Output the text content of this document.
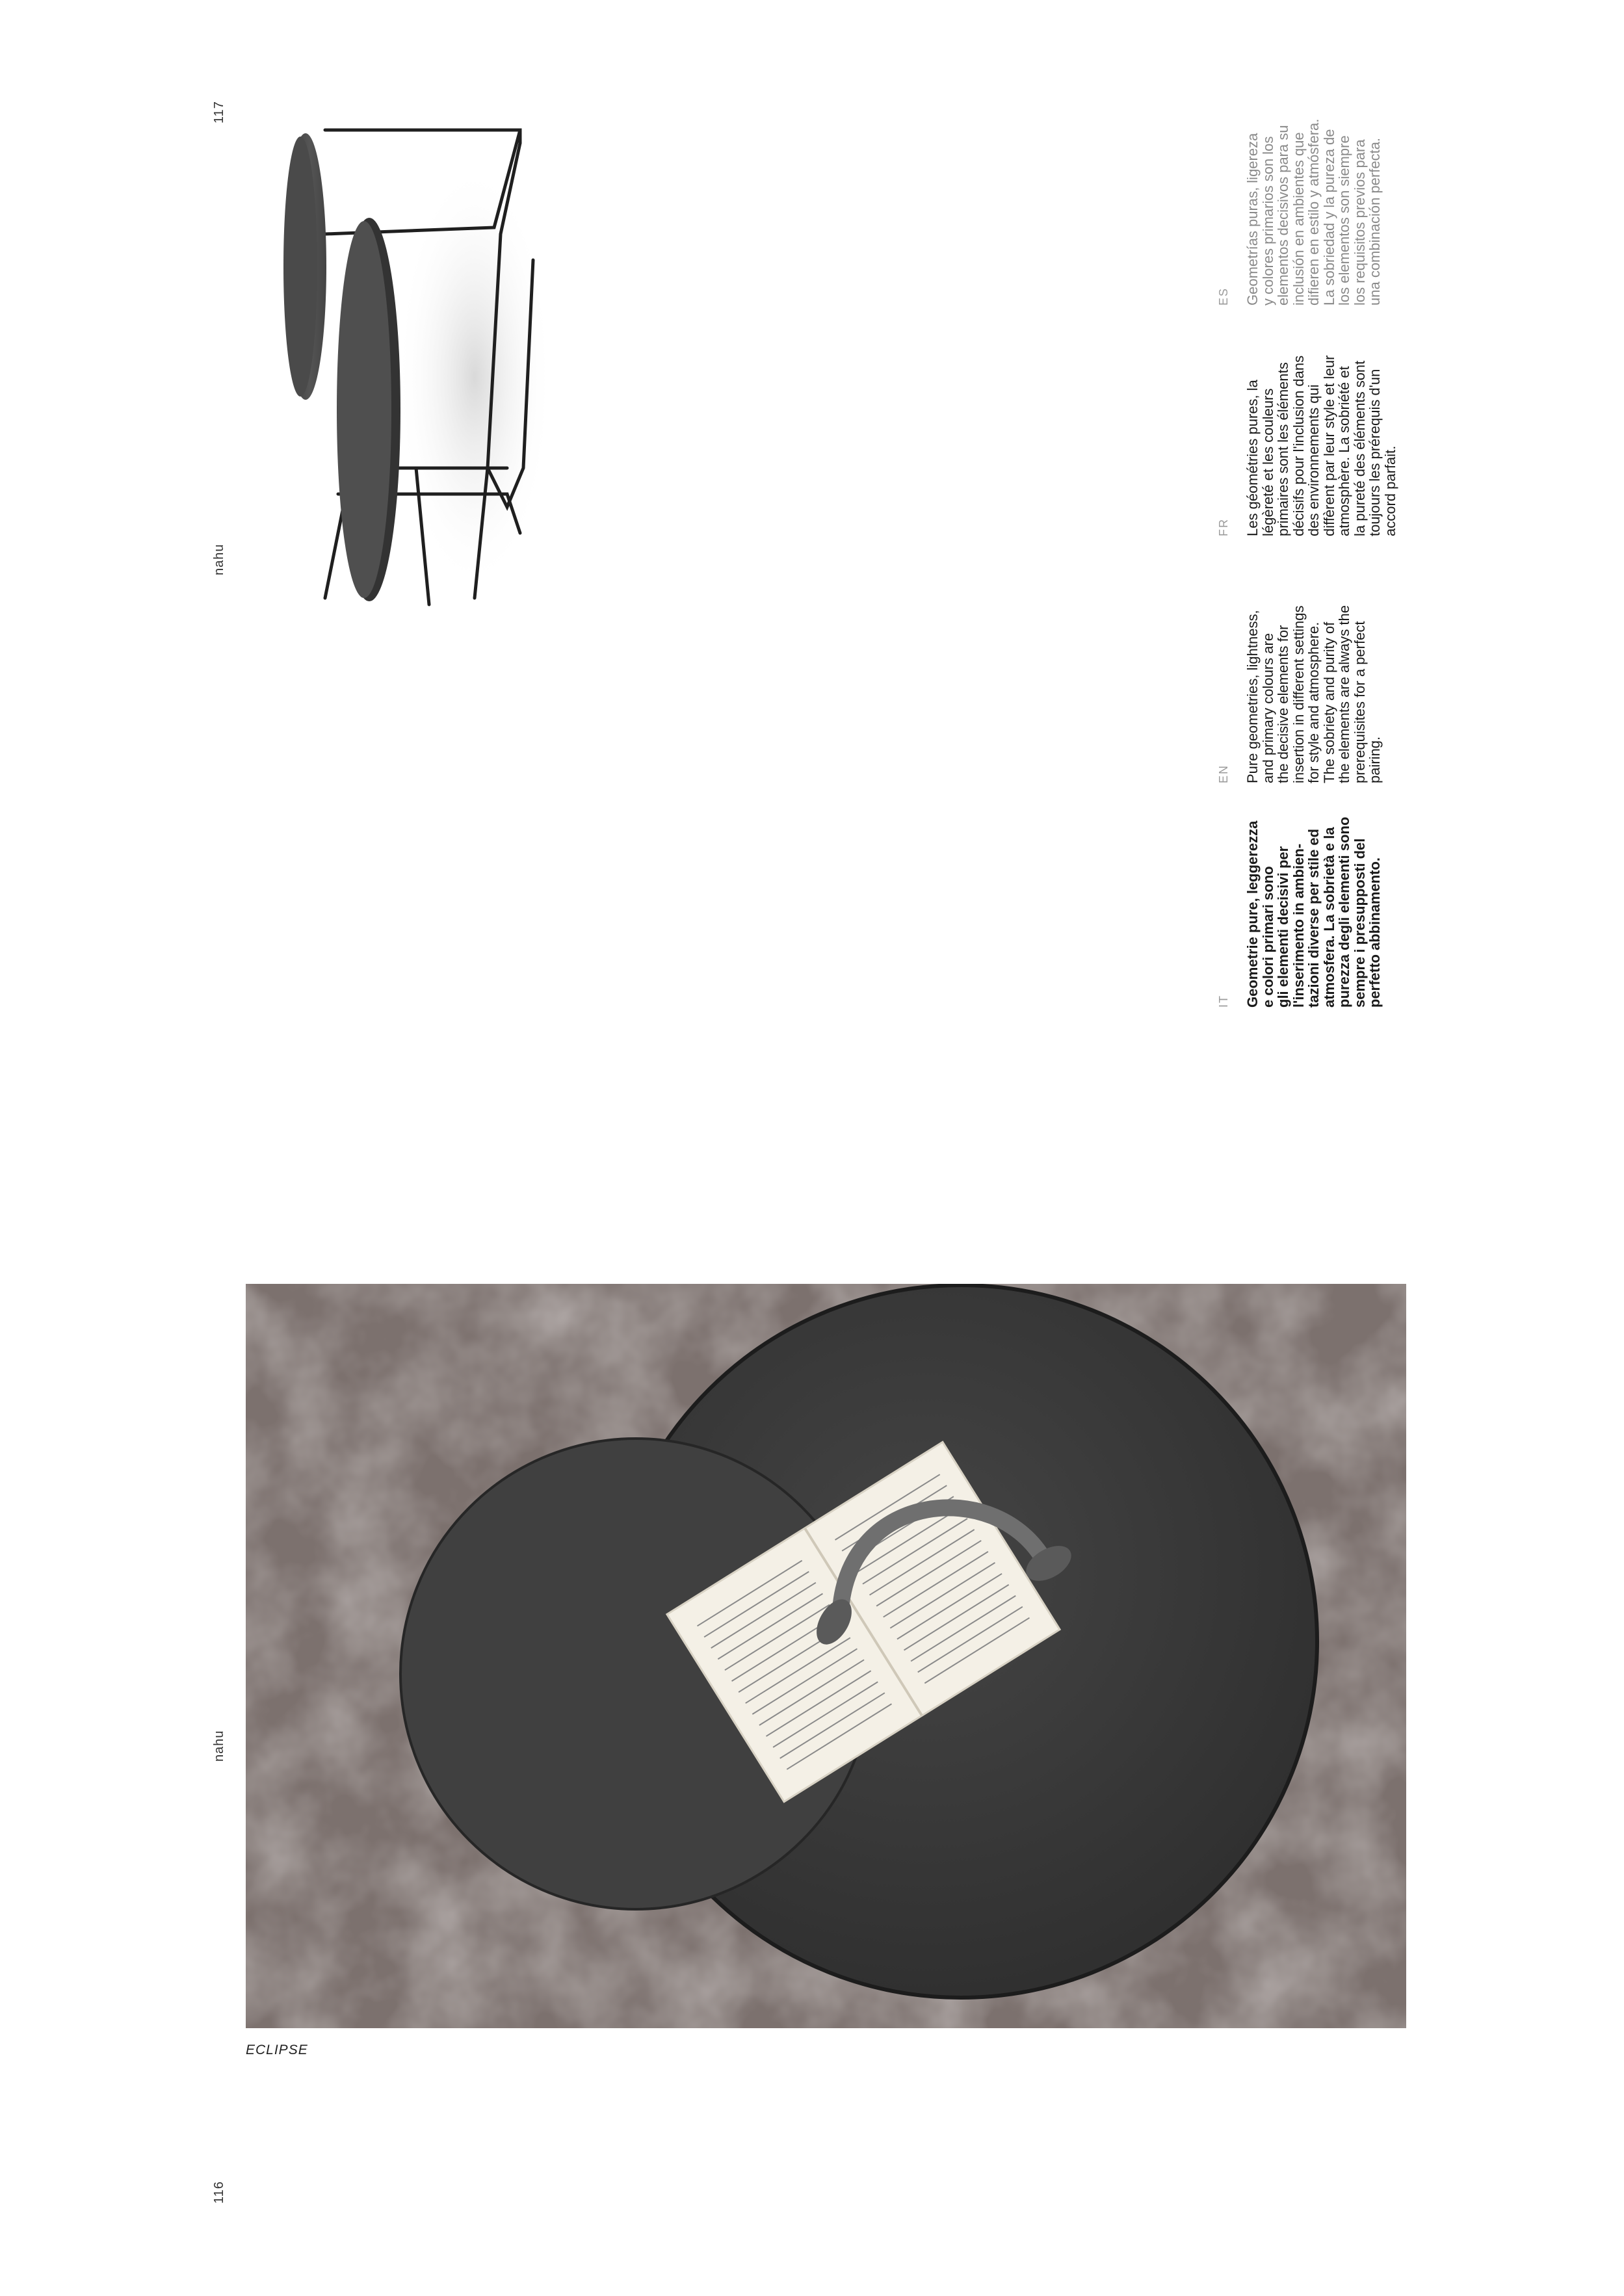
117
nahu
IT Geometrie pure, leggerezza
e colori primari sono
gli elementi decisivi per
l'inserimento in ambien-
tazioni diverse per stile ed
atmosfera. La sobrietà e la
purezza degli elementi sono
sempre i presupposti del
perfetto abbinamento.
EN Pure geometries, lightness,
and primary colours are
the decisive elements for
insertion in different settings
for style and atmosphere.
The sobriety and purity of
the elements are always the
prerequisites for a perfect
pairing.
FR Les géométries pures, la
légèreté et les couleurs
primaires sont les éléments
décisifs pour l'inclusion dans
des environnements qui
diffèrent par leur style et leur
atmosphère. La sobriété et
la pureté des éléments sont
toujours les prérequis d'un
accord parfait.
ES Geometrías puras, ligereza
y colores primarios son los
elementos decisivos para su
inclusión en ambientes que
difieren en estilo y atmósfera.
La sobriedad y la pureza de
los elementos son siempre
los requisitos previos para
una combinación perfecta.
nahu
116
ECLIPSE
